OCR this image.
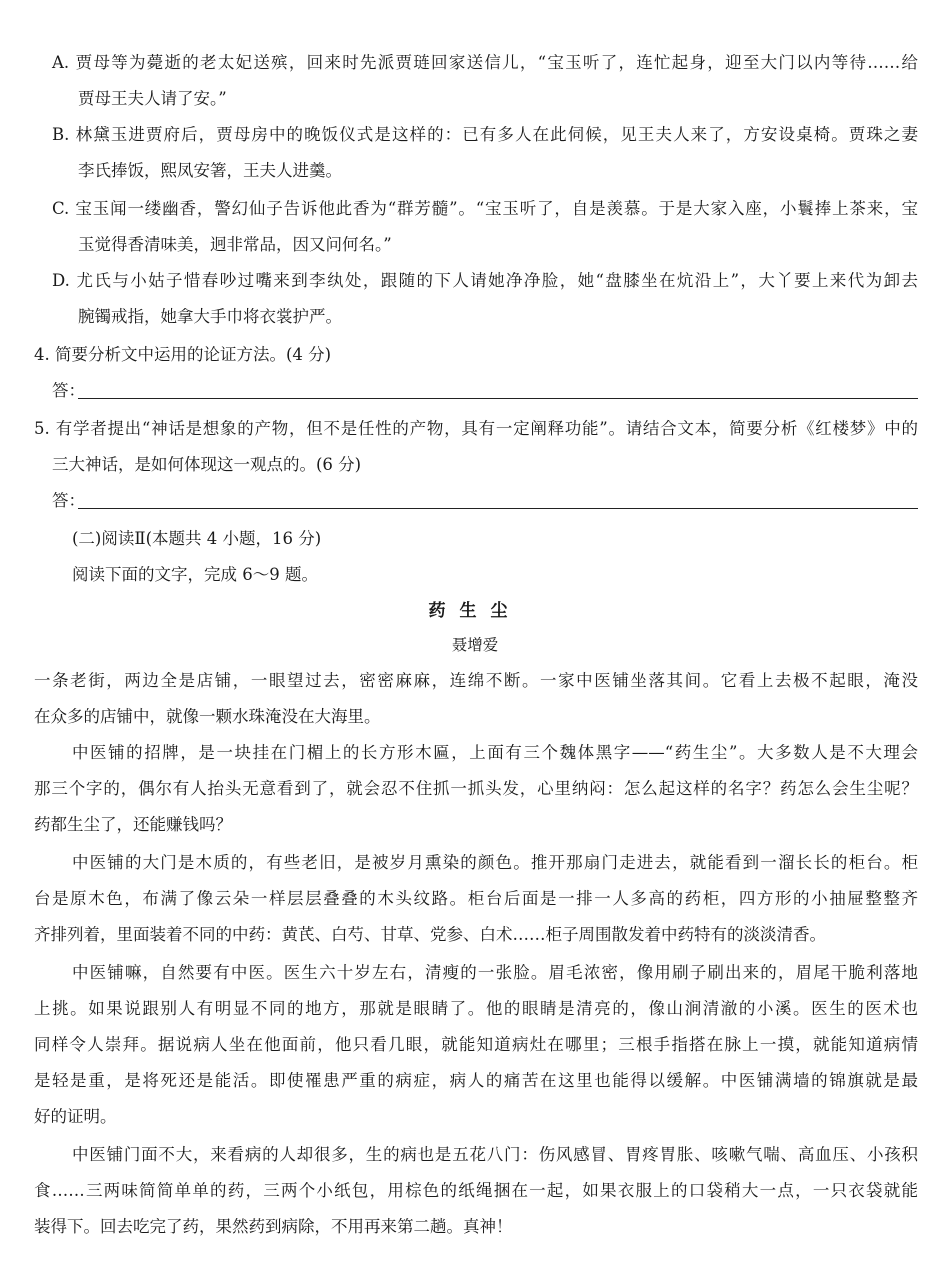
A. 贾母等为薨逝的老太妃送殡，回来时先派贾琏回家送信儿，“宝玉听了，连忙起身，迎至大门以内等待……给
贾母王夫人请了安。”
B. 林黛玉进贾府后，贾母房中的晚饭仪式是这样的：已有多人在此伺候，见王夫人来了，方安设桌椅。贾珠之妻
李氏捧饭，熙凤安箸，王夫人进羹。
C. 宝玉闻一缕幽香，警幻仙子告诉他此香为“群芳髓”。“宝玉听了，自是羡慕。于是大家入座，小鬟捧上茶来，宝
玉觉得香清味美，迥非常品，因又问何名。”
D. 尤氏与小姑子惜春吵过嘴来到李纨处，跟随的下人请她净净脸，她“盘膝坐在炕沿上”，大丫要上来代为卸去
腕镯戒指，她拿大手巾将衣裳护严。
4. 简要分析文中运用的论证方法。(4 分)
答：
5. 有学者提出“神话是想象的产物，但不是任性的产物，具有一定阐释功能”。请结合文本，简要分析《红楼梦》中的
三大神话，是如何体现这一观点的。(6 分)
答：
(二)阅读Ⅱ(本题共 4 小题，16 分)
阅读下面的文字，完成 6～9 题。
药生尘
聂增爱
一条老街，两边全是店铺，一眼望过去，密密麻麻，连绵不断。一家中医铺坐落其间。它看上去极不起眼，淹没
在众多的店铺中，就像一颗水珠淹没在大海里。
中医铺的招牌，是一块挂在门楣上的长方形木匾，上面有三个魏体黑字——“药生尘”。大多数人是不大理会
那三个字的，偶尔有人抬头无意看到了，就会忍不住抓一抓头发，心里纳闷：怎么起这样的名字？药怎么会生尘呢？
药都生尘了，还能赚钱吗？
中医铺的大门是木质的，有些老旧，是被岁月熏染的颜色。推开那扇门走进去，就能看到一溜长长的柜台。柜
台是原木色，布满了像云朵一样层层叠叠的木头纹路。柜台后面是一排一人多高的药柜，四方形的小抽屉整整齐
齐排列着，里面装着不同的中药：黄芪、白芍、甘草、党参、白术……柜子周围散发着中药特有的淡淡清香。
中医铺嘛，自然要有中医。医生六十岁左右，清瘦的一张脸。眉毛浓密，像用刷子刷出来的，眉尾干脆利落地
上挑。如果说跟别人有明显不同的地方，那就是眼睛了。他的眼睛是清亮的，像山涧清澈的小溪。医生的医术也
同样令人崇拜。据说病人坐在他面前，他只看几眼，就能知道病灶在哪里；三根手指搭在脉上一摸，就能知道病情
是轻是重，是将死还是能活。即使罹患严重的病症，病人的痛苦在这里也能得以缓解。中医铺满墙的锦旗就是最
好的证明。
中医铺门面不大，来看病的人却很多，生的病也是五花八门：伤风感冒、胃疼胃胀、咳嗽气喘、高血压、小孩积
食……三两味简简单单的药，三两个小纸包，用棕色的纸绳捆在一起，如果衣服上的口袋稍大一点，一只衣袋就能
装得下。回去吃完了药，果然药到病除，不用再来第二趟。真神！
